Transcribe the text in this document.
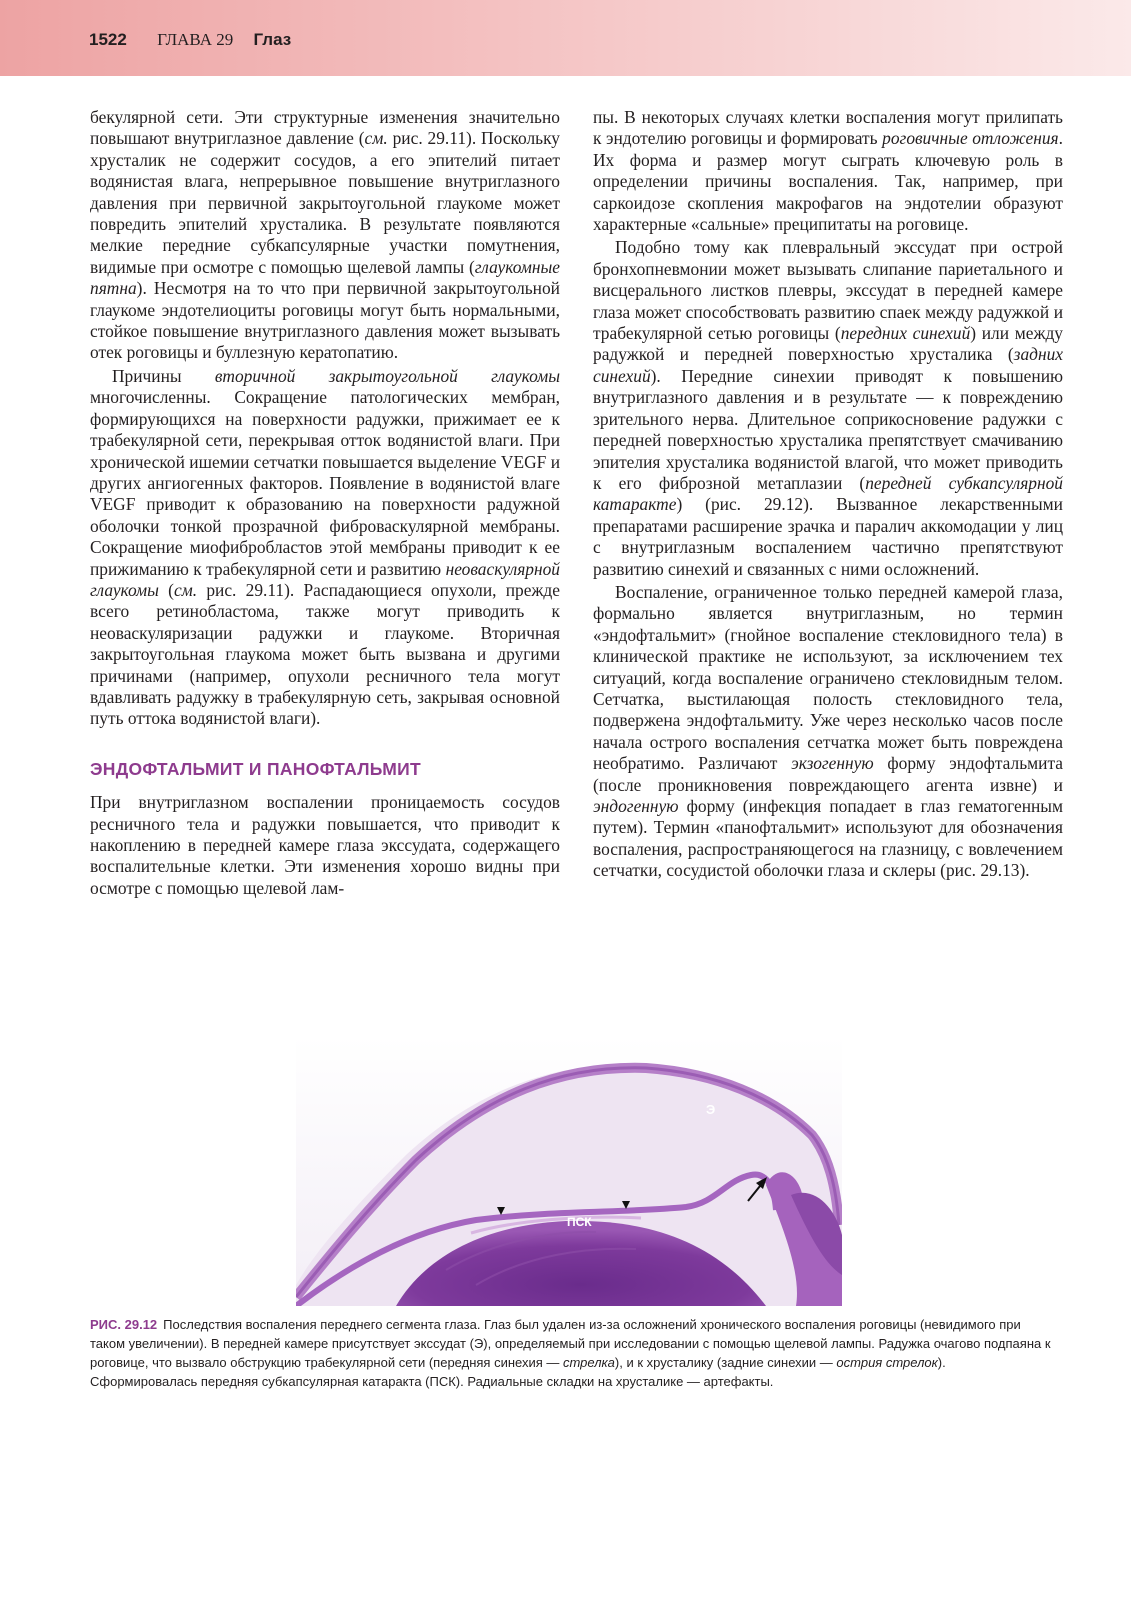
1522 ГЛАВА 29 Глаз

бекулярной сети. Эти структурные изменения значительно повышают внутриглазное давление (см. рис. 29.11). Поскольку хрусталик не содержит сосудов, а его эпителий питает водянистая влага, непрерывное повышение внутриглазного давления при первичной закрытоугольной глаукоме может повредить эпителий хрусталика. В результате появляются мелкие передние субкапсулярные участки помутнения, видимые при осмотре с помощью щелевой лампы (глаукомные пятна). Несмотря на то что при первичной закрытоугольной глаукоме эндотелиоциты роговицы могут быть нормальными, стойкое повышение внутриглазного давления может вызывать отек роговицы и буллезную кератопатию.

Причины вторичной закрытоугольной глаукомы многочисленны. Сокращение патологических мембран, формирующихся на поверхности радужки, прижимает ее к трабекулярной сети, перекрывая отток водянистой влаги. При хронической ишемии сетчатки повышается выделение VEGF и других ангиогенных факторов. Появление в водянистой влаге VEGF приводит к образованию на поверхности радужной оболочки тонкой прозрачной фиброваскулярной мембраны. Сокращение миофибробластов этой мембраны приводит к ее прижиманию к трабекулярной сети и развитию неоваскулярной глаукомы (см. рис. 29.11). Распадающиеся опухоли, прежде всего ретинобластома, также могут приводить к неоваскуляризации радужки и глаукоме. Вторичная закрытоугольная глаукома может быть вызвана и другими причинами (например, опухоли ресничного тела могут вдавливать радужку в трабекулярную сеть, закрывая основной путь оттока водянистой влаги).

ЭНДОФТАЛЬМИТ И ПАНОФТАЛЬМИТ

При внутриглазном воспалении проницаемость сосудов ресничного тела и радужки повышается, что приводит к накоплению в передней камере глаза экссудата, содержащего воспалительные клетки. Эти изменения хорошо видны при осмотре с помощью щелевой лам-

пы. В некоторых случаях клетки воспаления могут прилипать к эндотелию роговицы и формировать роговичные отложения. Их форма и размер могут сыграть ключевую роль в определении причины воспаления. Так, например, при саркоидозе скопления макрофагов на эндотелии образуют характерные «сальные» преципитаты на роговице.

Подобно тому как плевральный экссудат при острой бронхопневмонии может вызывать слипание париетального и висцерального листков плевры, экссудат в передней камере глаза может способствовать развитию спаек между радужкой и трабекулярной сетью роговицы (передних синехий) или между радужкой и передней поверхностью хрусталика (задних синехий). Передние синехии приводят к повышению внутриглазного давления и в результате — к повреждению зрительного нерва. Длительное соприкосновение радужки с передней поверхностью хрусталика препятствует смачиванию эпителия хрусталика водянистой влагой, что может приводить к его фиброзной метаплазии (передней субкапсулярной катаракте) (рис. 29.12). Вызванное лекарственными препаратами расширение зрачка и паралич аккомодации у лиц с внутриглазным воспалением частично препятствуют развитию синехий и связанных с ними осложнений.

Воспаление, ограниченное только передней камерой глаза, формально является внутриглазным, но термин «эндофтальмит» (гнойное воспаление стекловидного тела) в клинической практике не используют, за исключением тех ситуаций, когда воспаление ограничено стекловидным телом. Сетчатка, выстилающая полость стекловидного тела, подвержена эндофтальмиту. Уже через несколько часов после начала острого воспаления сетчатка может быть повреждена необратимо. Различают экзогенную форму эндофтальмита (после проникновения повреждающего агента извне) и эндогенную форму (инфекция попадает в глаз гематогенным путем). Термин «панофтальмит» используют для обозначения воспаления, распространяющегося на глазницу, с вовлечением сетчатки, сосудистой оболочки глаза и склеры (рис. 29.13).

Э
ПСК
РИС. 29.12 Последствия воспаления переднего сегмента глаза. Глаз был удален из-за осложнений хронического воспаления роговицы (невидимого при таком увеличении). В передней камере присутствует экссудат (Э), определяемый при исследовании с помощью щелевой лампы. Радужка очагово подпаяна к роговице, что вызвало обструкцию трабекулярной сети (передняя синехия — стрелка), и к хрусталику (задние синехии — острия стрелок). Сформировалась передняя субкапсулярная катаракта (ПСК). Радиальные складки на хрусталике — артефакты.
